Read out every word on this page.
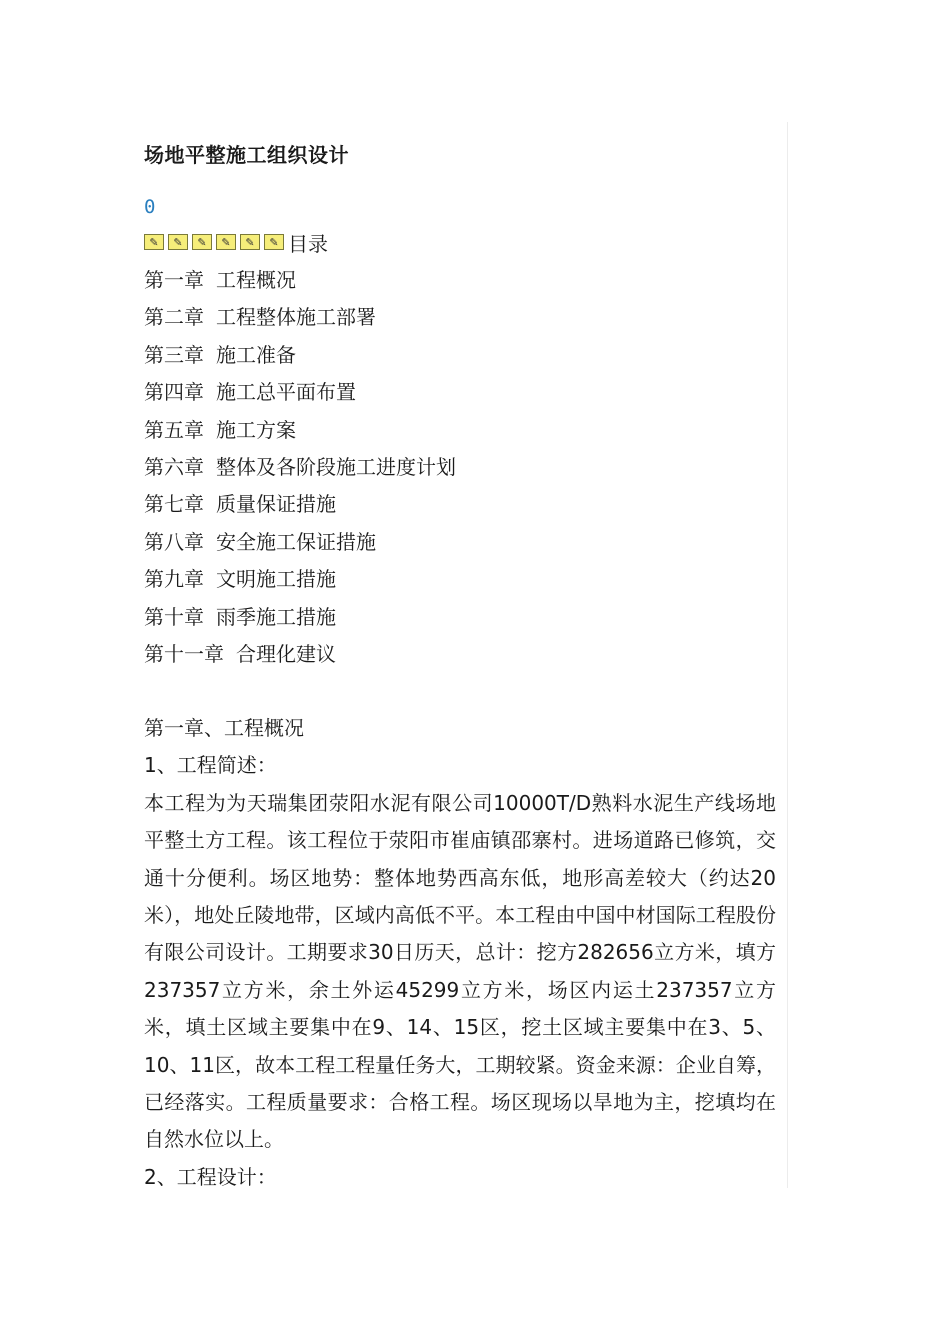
场地平整施工组织设计
0
✎	✎	✎	✎	✎	✎ 目录
第一章 工程概况
第二章 工程整体施工部署
第三章 施工准备
第四章 施工总平面布置
第五章 施工方案
第六章 整体及各阶段施工进度计划
第七章 质量保证措施
第八章 安全施工保证措施
第九章 文明施工措施
第十章 雨季施工措施
第十一章 合理化建议
第一章、工程概况
1、工程简述：

本工程为为天瑞集团荥阳水泥有限公司10000T/D熟料水泥生产线场地平整土方工程。该工程位于荥阳市崔庙镇邵寨村。进场道路已修筑，交通十分便利。场区地势：整体地势西高东低，地形高差较大（约达20米），地处丘陵地带，区域内高低不平。本工程由中国中材国际工程股份有限公司设计。工期要求30日历天，总计：挖方282656立方米，填方237357立方米，余土外运45299立方米，场区内运土237357立方米，填土区域主要集中在9、14、15区，挖土区域主要集中在3、5、10、11区，故本工程工程量任务大，工期较紧。资金来源：企业自筹，已经落实。工程质量要求：合格工程。场区现场以旱地为主，挖填均在自然水位以上。

2、工程设计：
